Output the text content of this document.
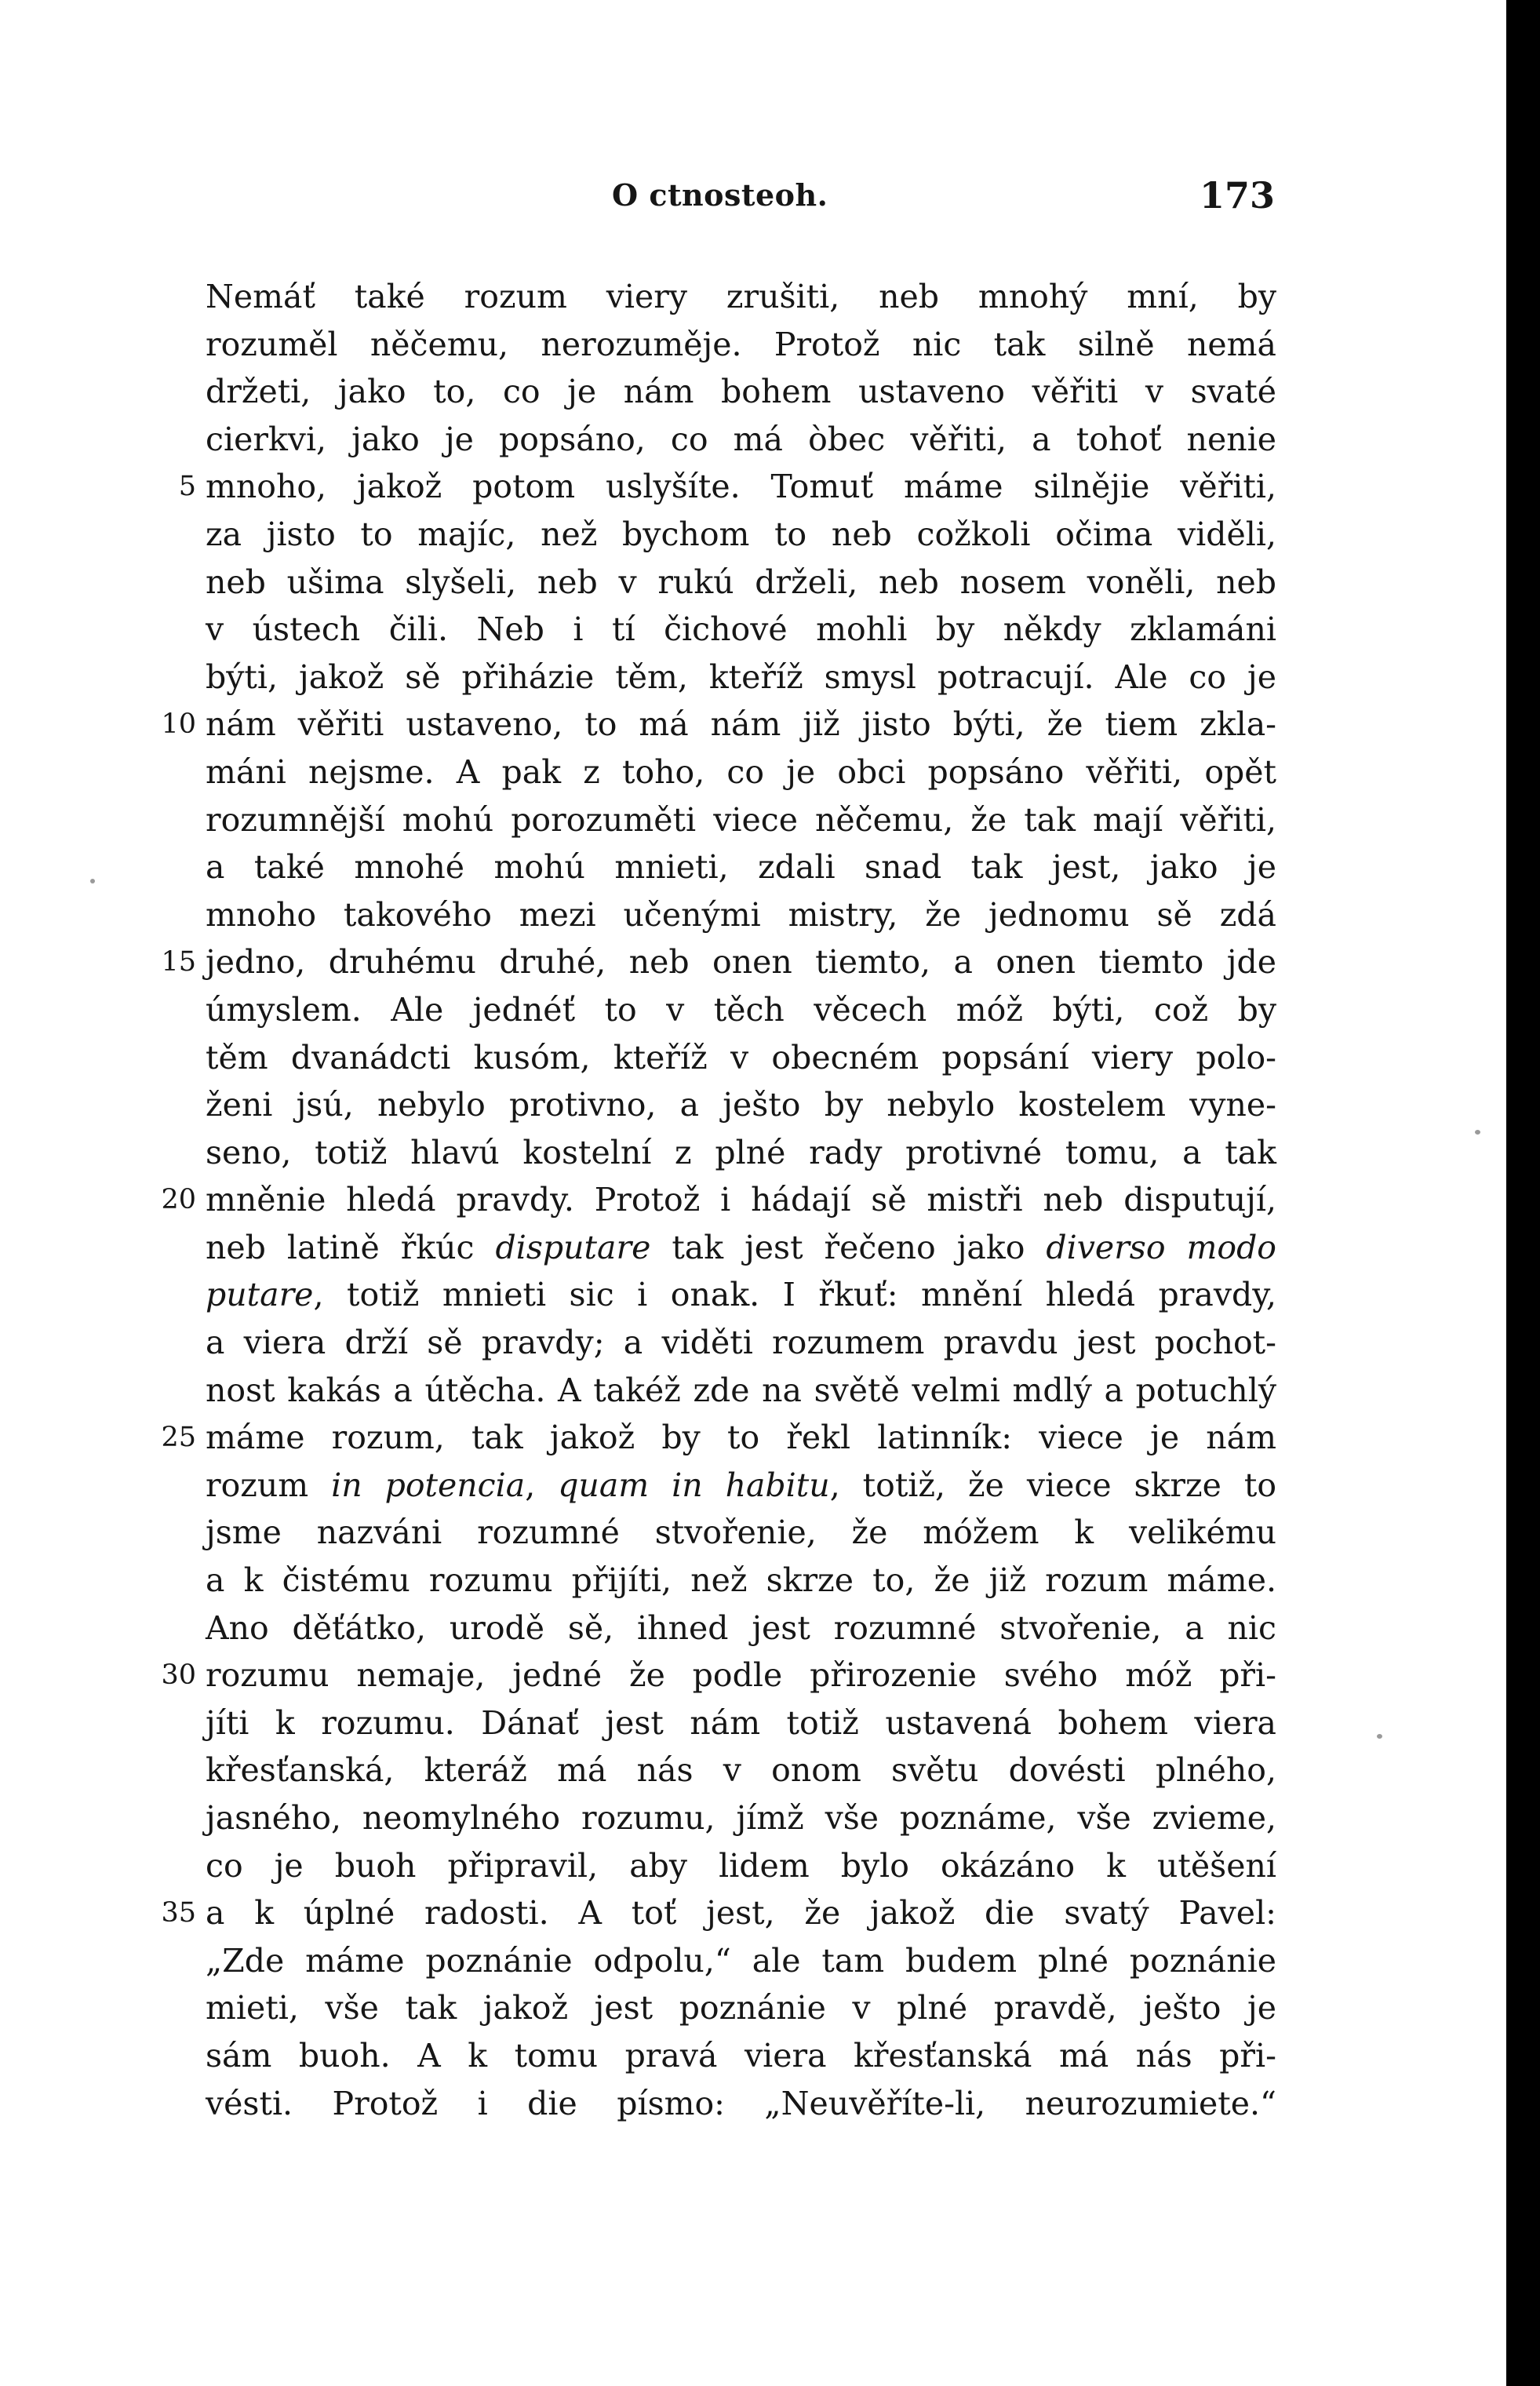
O ctnosteoh.	173
Nemáť také rozum viery zrušiti, neb mnohý mní, by
rozuměl něčemu, nerozumějе. Protož nic tak silně nemá
držeti, jako to, co je nám bohem ustaveno věřiti v svaté
cierkvi, jako je popsáno, co má òbec věřiti, a tohoť nenie
5 mnoho, jakož potom uslyšíte. Tomuť máme silnějie věřiti,
za jisto to majíc, než bychom to neb cožkoli očima viděli,
neb ušima slyšeli, neb v rukú drželi, neb nosem voněli, neb
v ústech čili. Neb i tí čichové mohli by někdy zklamáni
býti, jakož sě přiházie těm, kteříž smysl potracují. Ale co je
10 nám věřiti ustaveno, to má nám již jisto býti, že tiem zkla-
máni nejsme. A pak z toho, co je obci popsáno věřiti, opět
rozumnější mohú porozuměti viece něčemu, že tak mají věřiti,
a také mnohé mohú mnieti, zdali snad tak jest, jako je
mnoho takového mezi učenými mistry, že jednomu sě zdá
15 jedno, druhému druhé, neb onen tiemto, a onen tiemto jde
úmyslem. Ale jednéť to v těch věcech móž býti, což by
těm dvanádcti kusóm, kteříž v obecném popsání viery polo-
ženi jsú, nebylo protivno, a ješto by nebylo kostelem vyne-
seno, totiž hlavú kostelní z plné rady protivné tomu, a tak
20 mněnie hledá pravdy. Protož i hádají sě mistři neb disputují,
neb latině řkúc disputare tak jest řečeno jako diverso modo
putare, totiž mnieti sic i onak. I řkuť: mnění hledá pravdy,
a viera drží sě pravdy; a viděti rozumem pravdu jest pochot-
nost kakás a útěcha. A takéž zde na světě velmi mdlý a potuchlý
25 máme rozum, tak jakož by to řekl latinník: viece je nám
rozum in potencia, quam in habitu, totiž, že viece skrze to
jsme nazváni rozumné stvořenie, že móžem k velikému
a k čistému rozumu přijíti, než skrze to, že již rozum máme.
Ano děťátko, urodě sě, ihned jest rozumné stvořenie, a nic
30 rozumu nemaje, jedné že podle přirozenie svého móž při-
jíti k rozumu. Dánať jest nám totiž ustavená bohem viera
křesťanská, kteráž má nás v onom světu dovésti plného,
jasného, neomylného rozumu, jímž vše poznáme, vše zvieme,
co je buoh připravil, aby lidem bylo okázáno k utěšení
35 a k úplné radosti. A toť jest, že jakož die svatý Pavel:
„Zde máme poznánie odpolu,“ ale tam budem plné poznánie
mieti, vše tak jakož jest poznánie v plné pravdě, ješto je
sám buoh. A k tomu pravá viera křesťanská má nás při-
vésti. Protož i die písmo: „Neuvěříte-li, neurozumiete.“
